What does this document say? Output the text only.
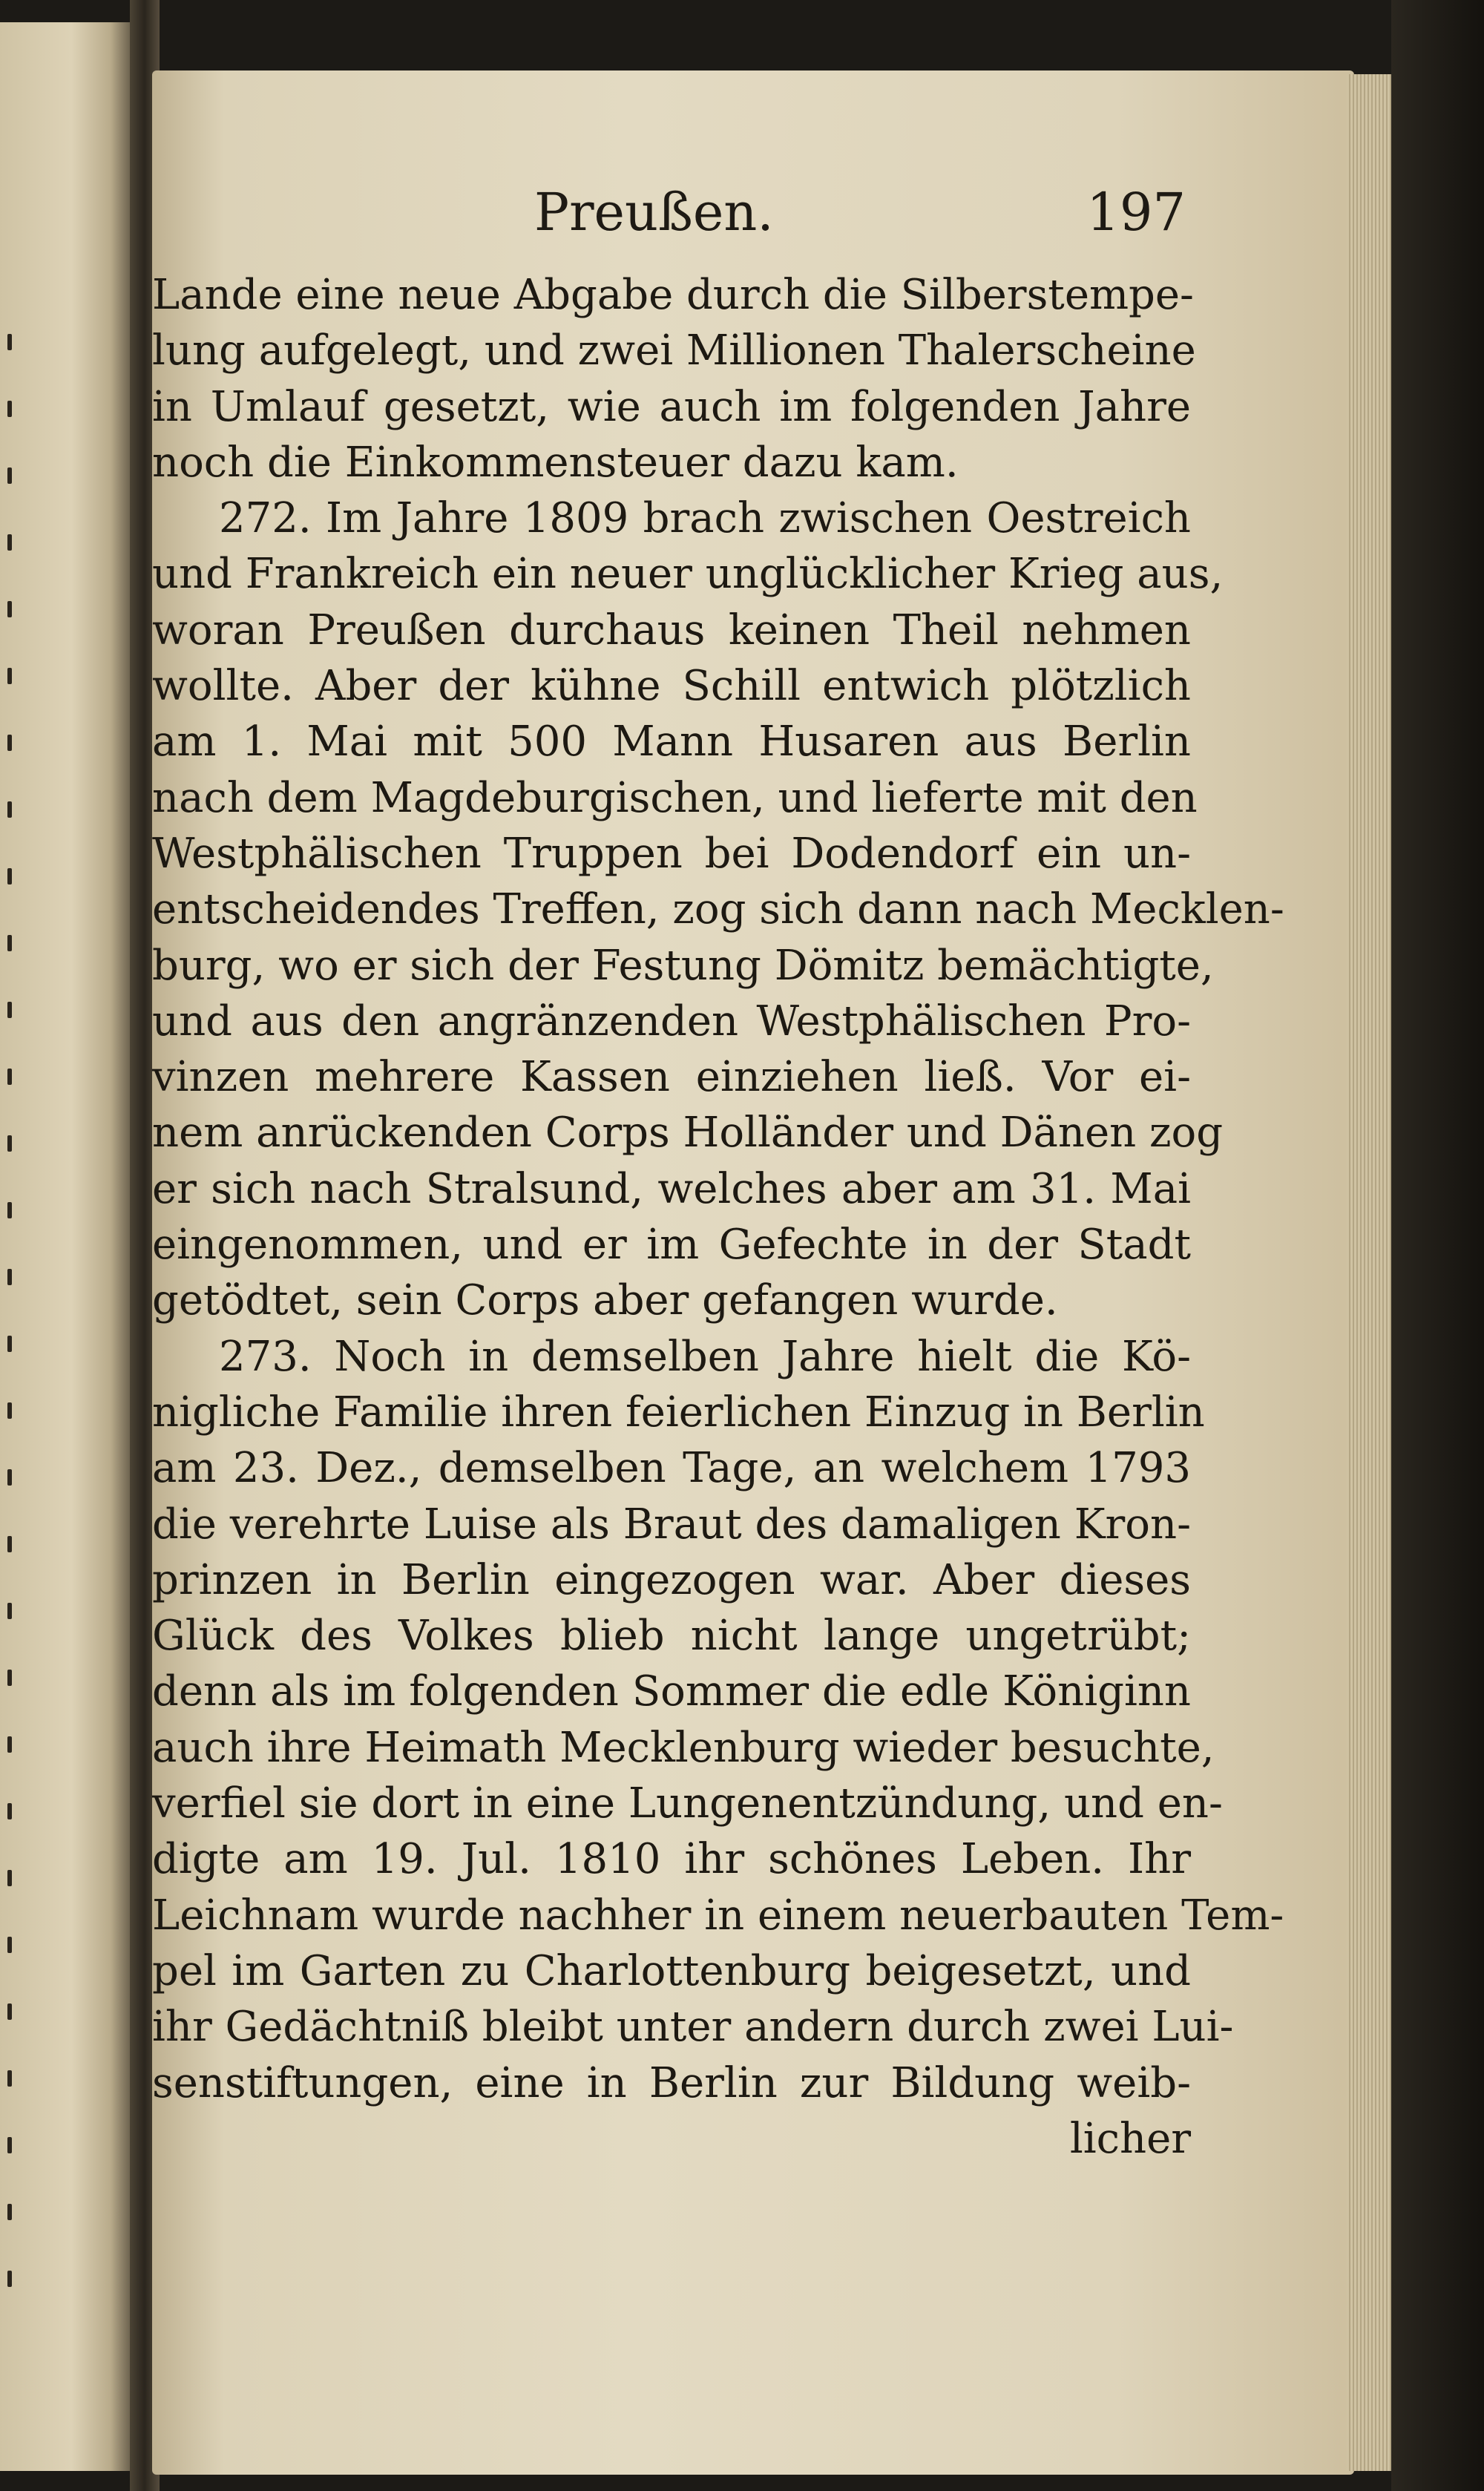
Preußen.	197
Lande eine neue Abgabe durch die Silberstempe-
lung aufgelegt, und zwei Millionen Thalerscheine
in Umlauf gesetzt, wie auch im folgenden Jahre
noch die Einkommensteuer dazu kam.
272. Im Jahre 1809 brach zwischen Oestreich
und Frankreich ein neuer unglücklicher Krieg aus,
woran Preußen durchaus keinen Theil nehmen
wollte. Aber der kühne Schill entwich plötzlich
am 1. Mai mit 500 Mann Husaren aus Berlin
nach dem Magdeburgischen, und lieferte mit den
Westphälischen Truppen bei Dodendorf ein un-
entscheidendes Treffen, zog sich dann nach Mecklen-
burg, wo er sich der Festung Dömitz bemächtigte,
und aus den angränzenden Westphälischen Pro-
vinzen mehrere Kassen einziehen ließ. Vor ei-
nem anrückenden Corps Holländer und Dänen zog
er sich nach Stralsund, welches aber am 31. Mai
eingenommen, und er im Gefechte in der Stadt
getödtet, sein Corps aber gefangen wurde.
273. Noch in demselben Jahre hielt die Kö-
nigliche Familie ihren feierlichen Einzug in Berlin
am 23. Dez., demselben Tage, an welchem 1793
die verehrte Luise als Braut des damaligen Kron-
prinzen in Berlin eingezogen war. Aber dieses
Glück des Volkes blieb nicht lange ungetrübt;
denn als im folgenden Sommer die edle Königinn
auch ihre Heimath Mecklenburg wieder besuchte,
verfiel sie dort in eine Lungenentzündung, und en-
digte am 19. Jul. 1810 ihr schönes Leben. Ihr
Leichnam wurde nachher in einem neuerbauten Tem-
pel im Garten zu Charlottenburg beigesetzt, und
ihr Gedächtniß bleibt unter andern durch zwei Lui-
senstiftungen, eine in Berlin zur Bildung weib-
licher
